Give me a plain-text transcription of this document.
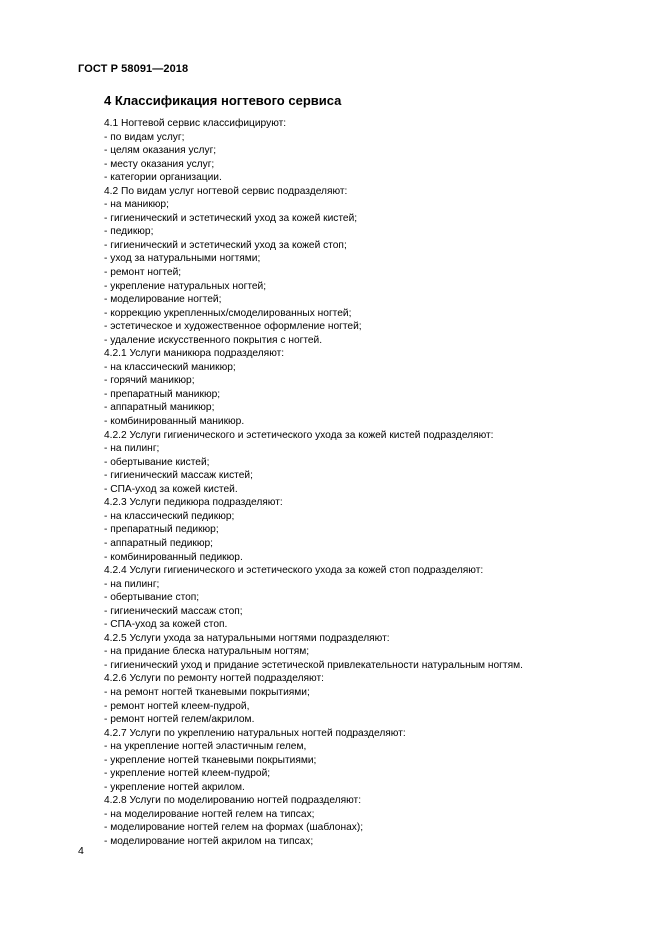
ГОСТ Р 58091—2018
4 Классификация ногтевого сервиса
4.1 Ногтевой сервис классифицируют:
- по видам услуг;
- целям оказания услуг;
- месту оказания услуг;
- категории организации.
4.2 По видам услуг ногтевой сервис подразделяют:
- на маникюр;
- гигиенический и эстетический уход за кожей кистей;
- педикюр;
- гигиенический и эстетический уход за кожей стоп;
- уход за натуральными ногтями;
- ремонт ногтей;
- укрепление натуральных ногтей;
- моделирование ногтей;
- коррекцию укрепленных/смоделированных ногтей;
- эстетическое и художественное оформление ногтей;
- удаление искусственного покрытия с ногтей.
4.2.1 Услуги маникюра подразделяют:
- на классический маникюр;
- горячий маникюр;
- препаратный маникюр;
- аппаратный маникюр;
- комбинированный маникюр.
4.2.2 Услуги гигиенического и эстетического ухода за кожей кистей подразделяют:
- на пилинг;
- обертывание кистей;
- гигиенический массаж кистей;
- СПА-уход за кожей кистей.
4.2.3 Услуги педикюра подразделяют:
- на классический педикюр;
- препаратный педикюр;
- аппаратный педикюр;
- комбинированный педикюр.
4.2.4 Услуги гигиенического и эстетического ухода за кожей стоп подразделяют:
- на пилинг;
- обертывание стоп;
- гигиенический массаж стоп;
- СПА-уход за кожей стоп.
4.2.5 Услуги ухода за натуральными ногтями подразделяют:
- на придание блеска натуральным ногтям;
- гигиенический уход и придание эстетической привлекательности натуральным ногтям.
4.2.6 Услуги по ремонту ногтей подразделяют:
- на ремонт ногтей тканевыми покрытиями;
- ремонт ногтей клеем-пудрой,
- ремонт ногтей гелем/акрилом.
4.2.7 Услуги по укреплению натуральных ногтей подразделяют:
- на укрепление ногтей эластичным гелем,
- укрепление ногтей тканевыми покрытиями;
- укрепление ногтей клеем-пудрой;
- укрепление ногтей акрилом.
4.2.8 Услуги по моделированию ногтей подразделяют:
- на моделирование ногтей гелем на типсах;
- моделирование ногтей гелем на формах (шаблонах);
- моделирование ногтей акрилом на типсах;
4
